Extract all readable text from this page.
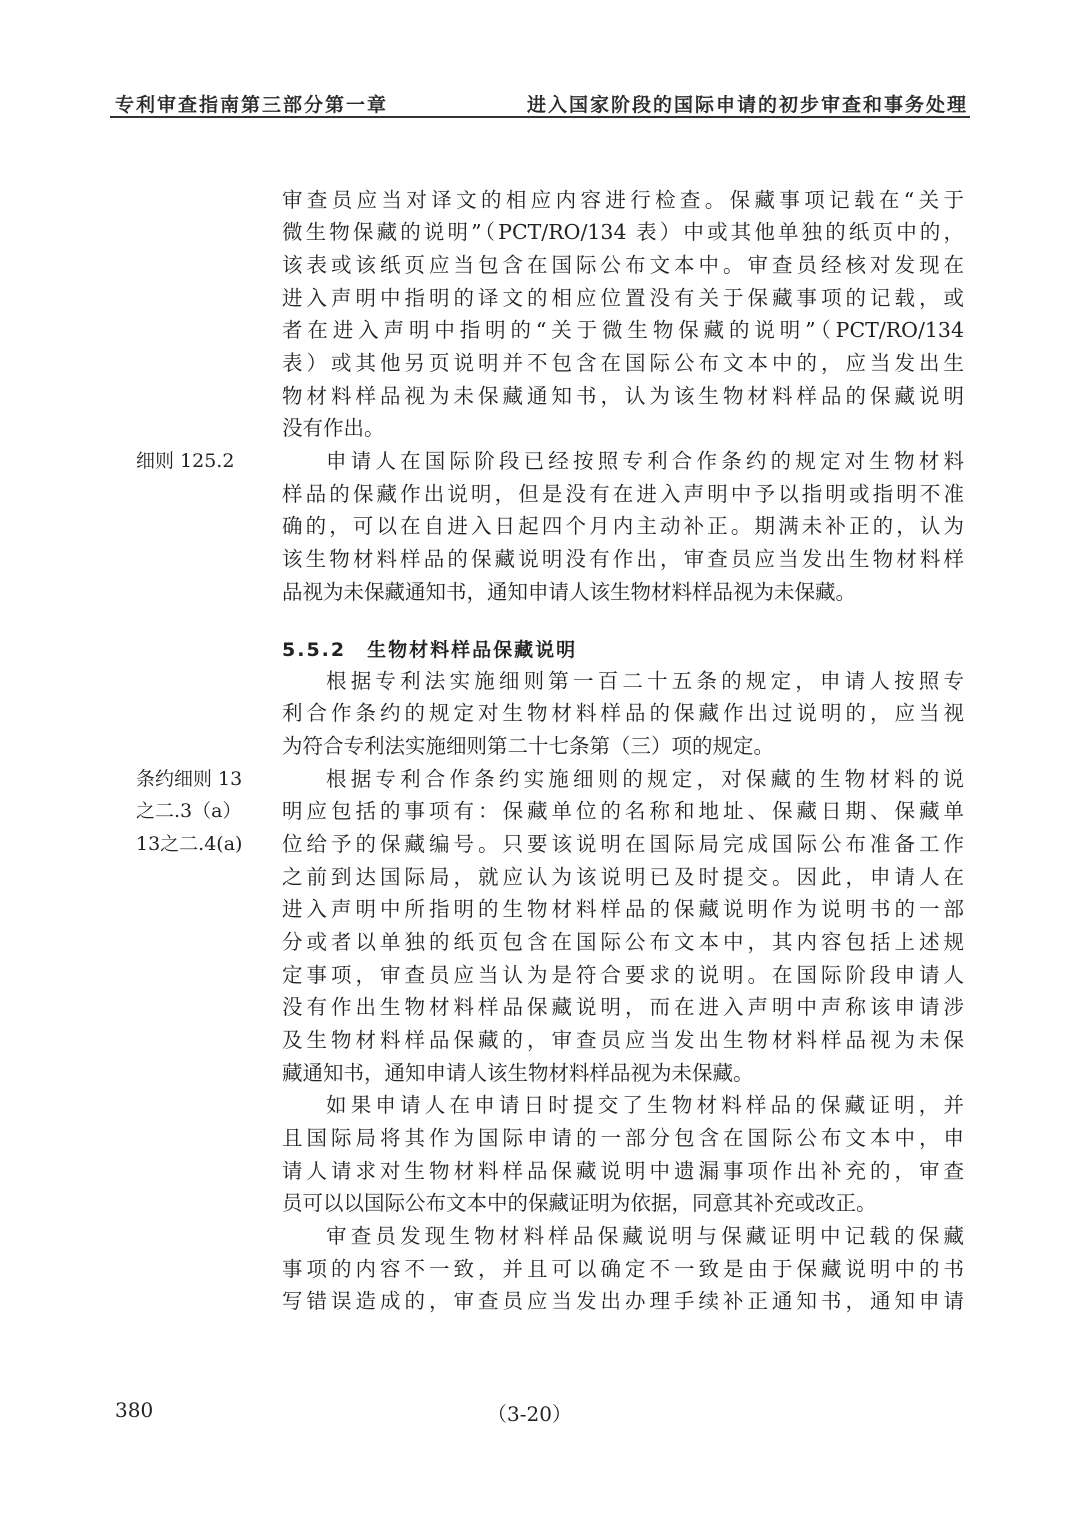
专利审查指南第三部分第一章	进入国家阶段的国际申请的初步审查和事务处理
审查员应当对译文的相应内容进行检查。保藏事项记载在“关于
微生物保藏的说明”（PCT/RO/134 表）中或其他单独的纸页中的，
该表或该纸页应当包含在国际公布文本中。审查员经核对发现在
进入声明中指明的译文的相应位置没有关于保藏事项的记载，或
者在进入声明中指明的“关于微生物保藏的说明”（PCT/RO/134
表）或其他另页说明并不包含在国际公布文本中的，应当发出生
物材料样品视为未保藏通知书，认为该生物材料样品的保藏说明
没有作出。
细则 125.2	申请人在国际阶段已经按照专利合作条约的规定对生物材料
样品的保藏作出说明，但是没有在进入声明中予以指明或指明不准
确的，可以在自进入日起四个月内主动补正。期满未补正的，认为
该生物材料样品的保藏说明没有作出，审查员应当发出生物材料样
品视为未保藏通知书，通知申请人该生物材料样品视为未保藏。
5.5.2　生物材料样品保藏说明
根据专利法实施细则第一百二十五条的规定，申请人按照专
利合作条约的规定对生物材料样品的保藏作出过说明的，应当视
为符合专利法实施细则第二十七条第（三）项的规定。
条约细则 13
之二.3（a）
13之二.4(a)
根据专利合作条约实施细则的规定，对保藏的生物材料的说
明应包括的事项有：保藏单位的名称和地址、保藏日期、保藏单
位给予的保藏编号。只要该说明在国际局完成国际公布准备工作
之前到达国际局，就应认为该说明已及时提交。因此，申请人在
进入声明中所指明的生物材料样品的保藏说明作为说明书的一部
分或者以单独的纸页包含在国际公布文本中，其内容包括上述规
定事项，审查员应当认为是符合要求的说明。在国际阶段申请人
没有作出生物材料样品保藏说明，而在进入声明中声称该申请涉
及生物材料样品保藏的，审查员应当发出生物材料样品视为未保
藏通知书，通知申请人该生物材料样品视为未保藏。
如果申请人在申请日时提交了生物材料样品的保藏证明，并
且国际局将其作为国际申请的一部分包含在国际公布文本中，申
请人请求对生物材料样品保藏说明中遗漏事项作出补充的，审查
员可以以国际公布文本中的保藏证明为依据，同意其补充或改正。
审查员发现生物材料样品保藏说明与保藏证明中记载的保藏
事项的内容不一致，并且可以确定不一致是由于保藏说明中的书
写错误造成的，审查员应当发出办理手续补正通知书，通知申请
380	（3-20）
